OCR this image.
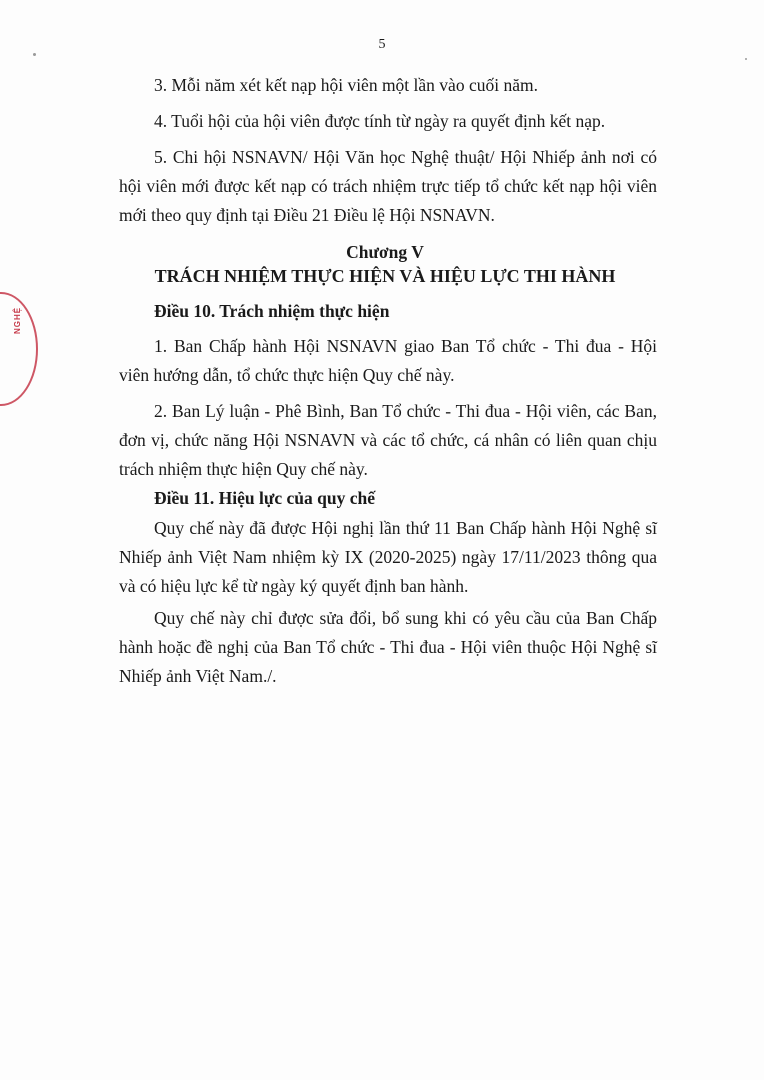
NGHỆ
5
3. Mỗi năm xét kết nạp hội viên một lần vào cuối năm.
4. Tuổi hội của hội viên được tính từ ngày ra quyết định kết nạp.
5. Chi hội NSNAVN/ Hội Văn học Nghệ thuật/ Hội Nhiếp ảnh nơi có hội viên mới được kết nạp có trách nhiệm trực tiếp tổ chức kết nạp hội viên mới theo quy định tại Điều 21 Điều lệ Hội NSNAVN.
Chương V
TRÁCH NHIỆM THỰC HIỆN VÀ HIỆU LỰC THI HÀNH
Điều 10. Trách nhiệm thực hiện
1. Ban Chấp hành Hội NSNAVN giao Ban Tổ chức - Thi đua - Hội viên hướng dẫn, tổ chức thực hiện Quy chế này.
2. Ban Lý luận - Phê Bình, Ban Tổ chức - Thi đua - Hội viên, các Ban, đơn vị, chức năng Hội NSNAVN và các tổ chức, cá nhân có liên quan chịu trách nhiệm thực hiện Quy chế này.
Điều 11. Hiệu lực của quy chế
Quy chế này đã được Hội nghị lần thứ 11 Ban Chấp hành Hội Nghệ sĩ Nhiếp ảnh Việt Nam nhiệm kỳ IX (2020-2025) ngày 17/11/2023 thông qua và có hiệu lực kể từ ngày ký quyết định ban hành.
Quy chế này chỉ được sửa đổi, bổ sung khi có yêu cầu của Ban Chấp hành hoặc đề nghị của Ban Tổ chức - Thi đua - Hội viên thuộc Hội Nghệ sĩ Nhiếp ảnh Việt Nam./.
